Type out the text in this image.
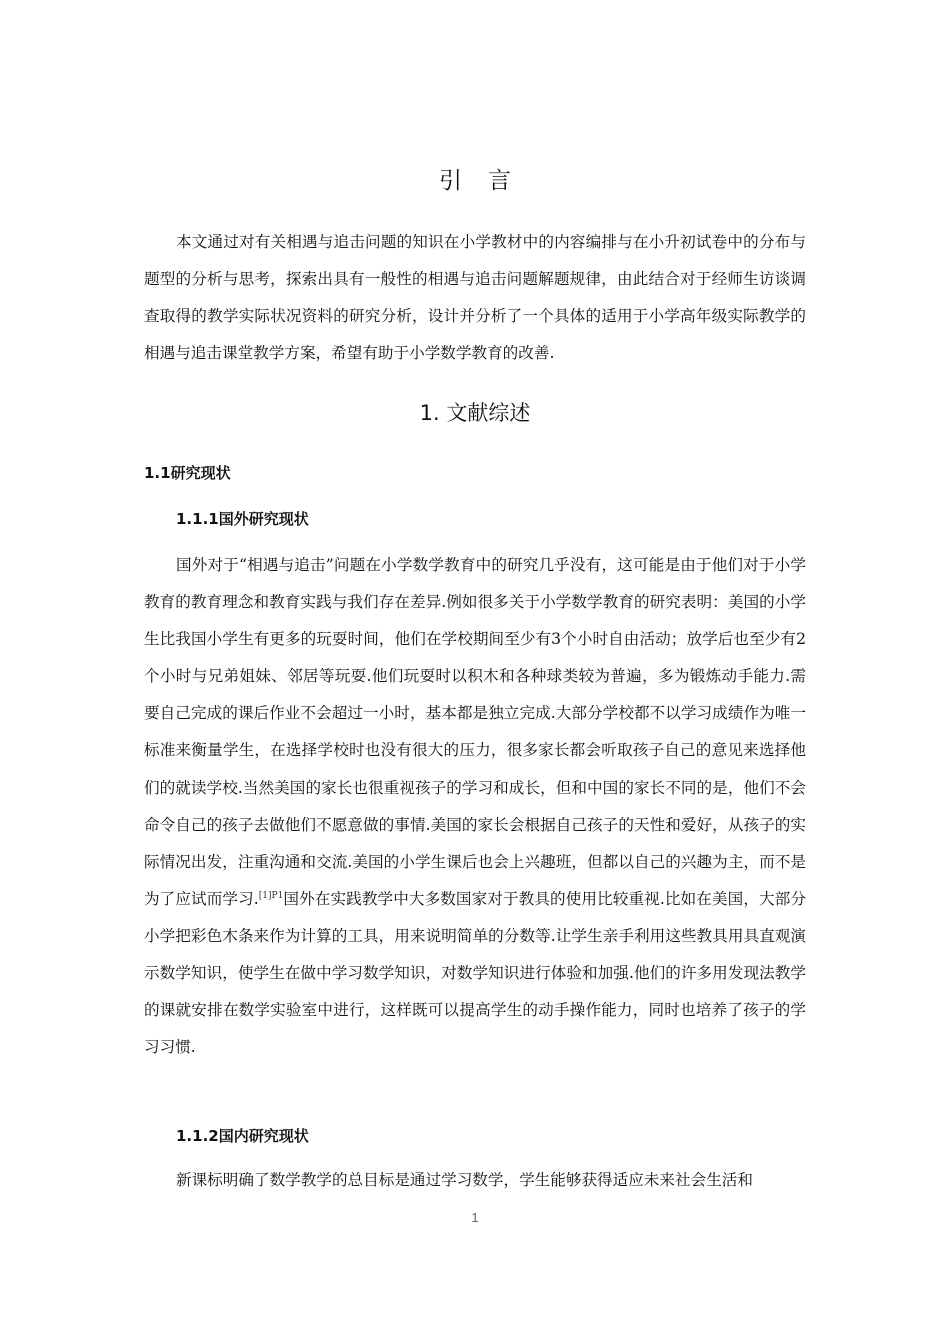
引言

本文通过对有关相遇与追击问题的知识在小学教材中的内容编排与在小升初试卷中的分布与题型的分析与思考，探索出具有一般性的相遇与追击问题解题规律，由此结合对于经师生访谈调查取得的教学实际状况资料的研究分析，设计并分析了一个具体的适用于小学高年级实际教学的相遇与追击课堂教学方案，希望有助于小学数学教育的改善.

1. 文献综述
1.1研究现状
1.1.1国外研究现状

国外对于“相遇与追击”问题在小学数学教育中的研究几乎没有，这可能是由于他们对于小学教育的教育理念和教育实践与我们存在差异.例如很多关于小学数学教育的研究表明：美国的小学生比我国小学生有更多的玩耍时间，他们在学校期间至少有3个小时自由活动；放学后也至少有2个小时与兄弟姐妹、邻居等玩耍.他们玩耍时以积木和各种球类较为普遍，多为锻炼动手能力.需要自己完成的课后作业不会超过一小时，基本都是独立完成.大部分学校都不以学习成绩作为唯一标准来衡量学生，在选择学校时也没有很大的压力，很多家长都会听取孩子自己的意见来选择他们的就读学校.当然美国的家长也很重视孩子的学习和成长，但和中国的家长不同的是，他们不会命令自己的孩子去做他们不愿意做的事情.美国的家长会根据自己孩子的天性和爱好，从孩子的实际情况出发，注重沟通和交流.美国的小学生课后也会上兴趣班，但都以自己的兴趣为主，而不是为了应试而学习.$^{[1]P1}$国外在实践教学中大多数国家对于教具的使用比较重视.比如在美国，大部分小学把彩色木条来作为计算的工具，用来说明简单的分数等.让学生亲手利用这些教具用具直观演示数学知识，使学生在做中学习数学知识，对数学知识进行体验和加强.他们的许多用发现法教学的课就安排在数学实验室中进行，这样既可以提高学生的动手操作能力，同时也培养了孩子的学习习惯.

1.1.2国内研究现状

新课标明确了数学教学的总目标是通过学习数学，学生能够获得适应未来社会生活和

1
